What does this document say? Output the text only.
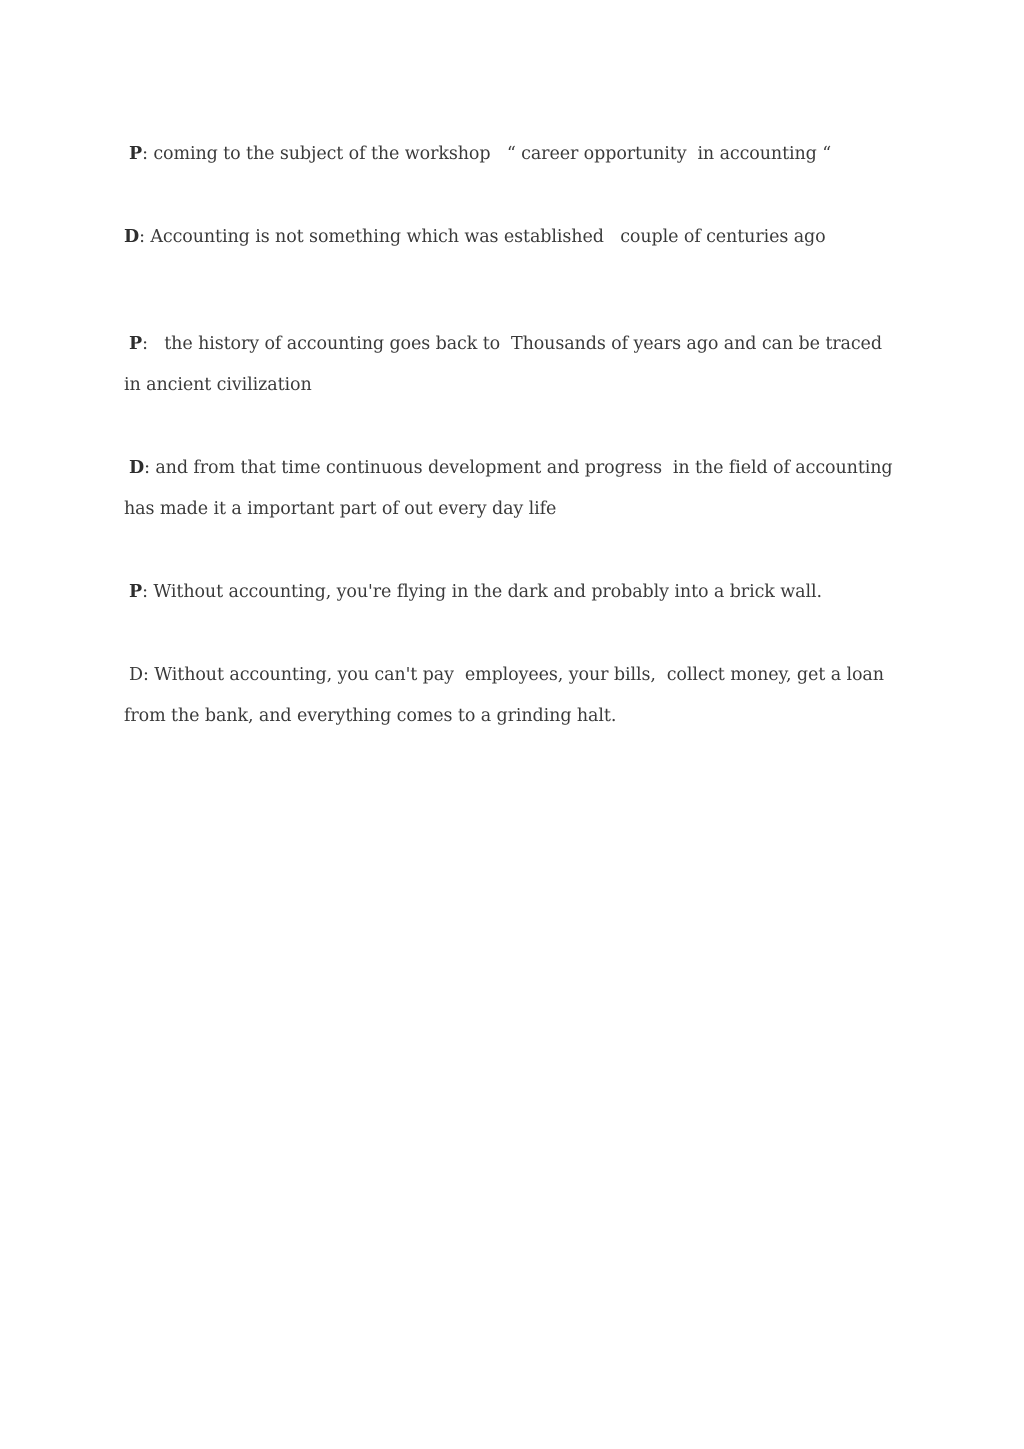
P: coming to the subject of the workshop   “ career opportunity  in accounting “
D: Accounting is not something which was established   couple of centuries ago
P:   the history of accounting goes back to  Thousands of years ago and can be traced in ancient civilization
D: and from that time continuous development and progress  in the field of accounting has made it a important part of out every day life
P: Without accounting, you're flying in the dark and probably into a brick wall.
D: Without accounting, you can't pay  employees, your bills,  collect money, get a loan from the bank, and everything comes to a grinding halt.
